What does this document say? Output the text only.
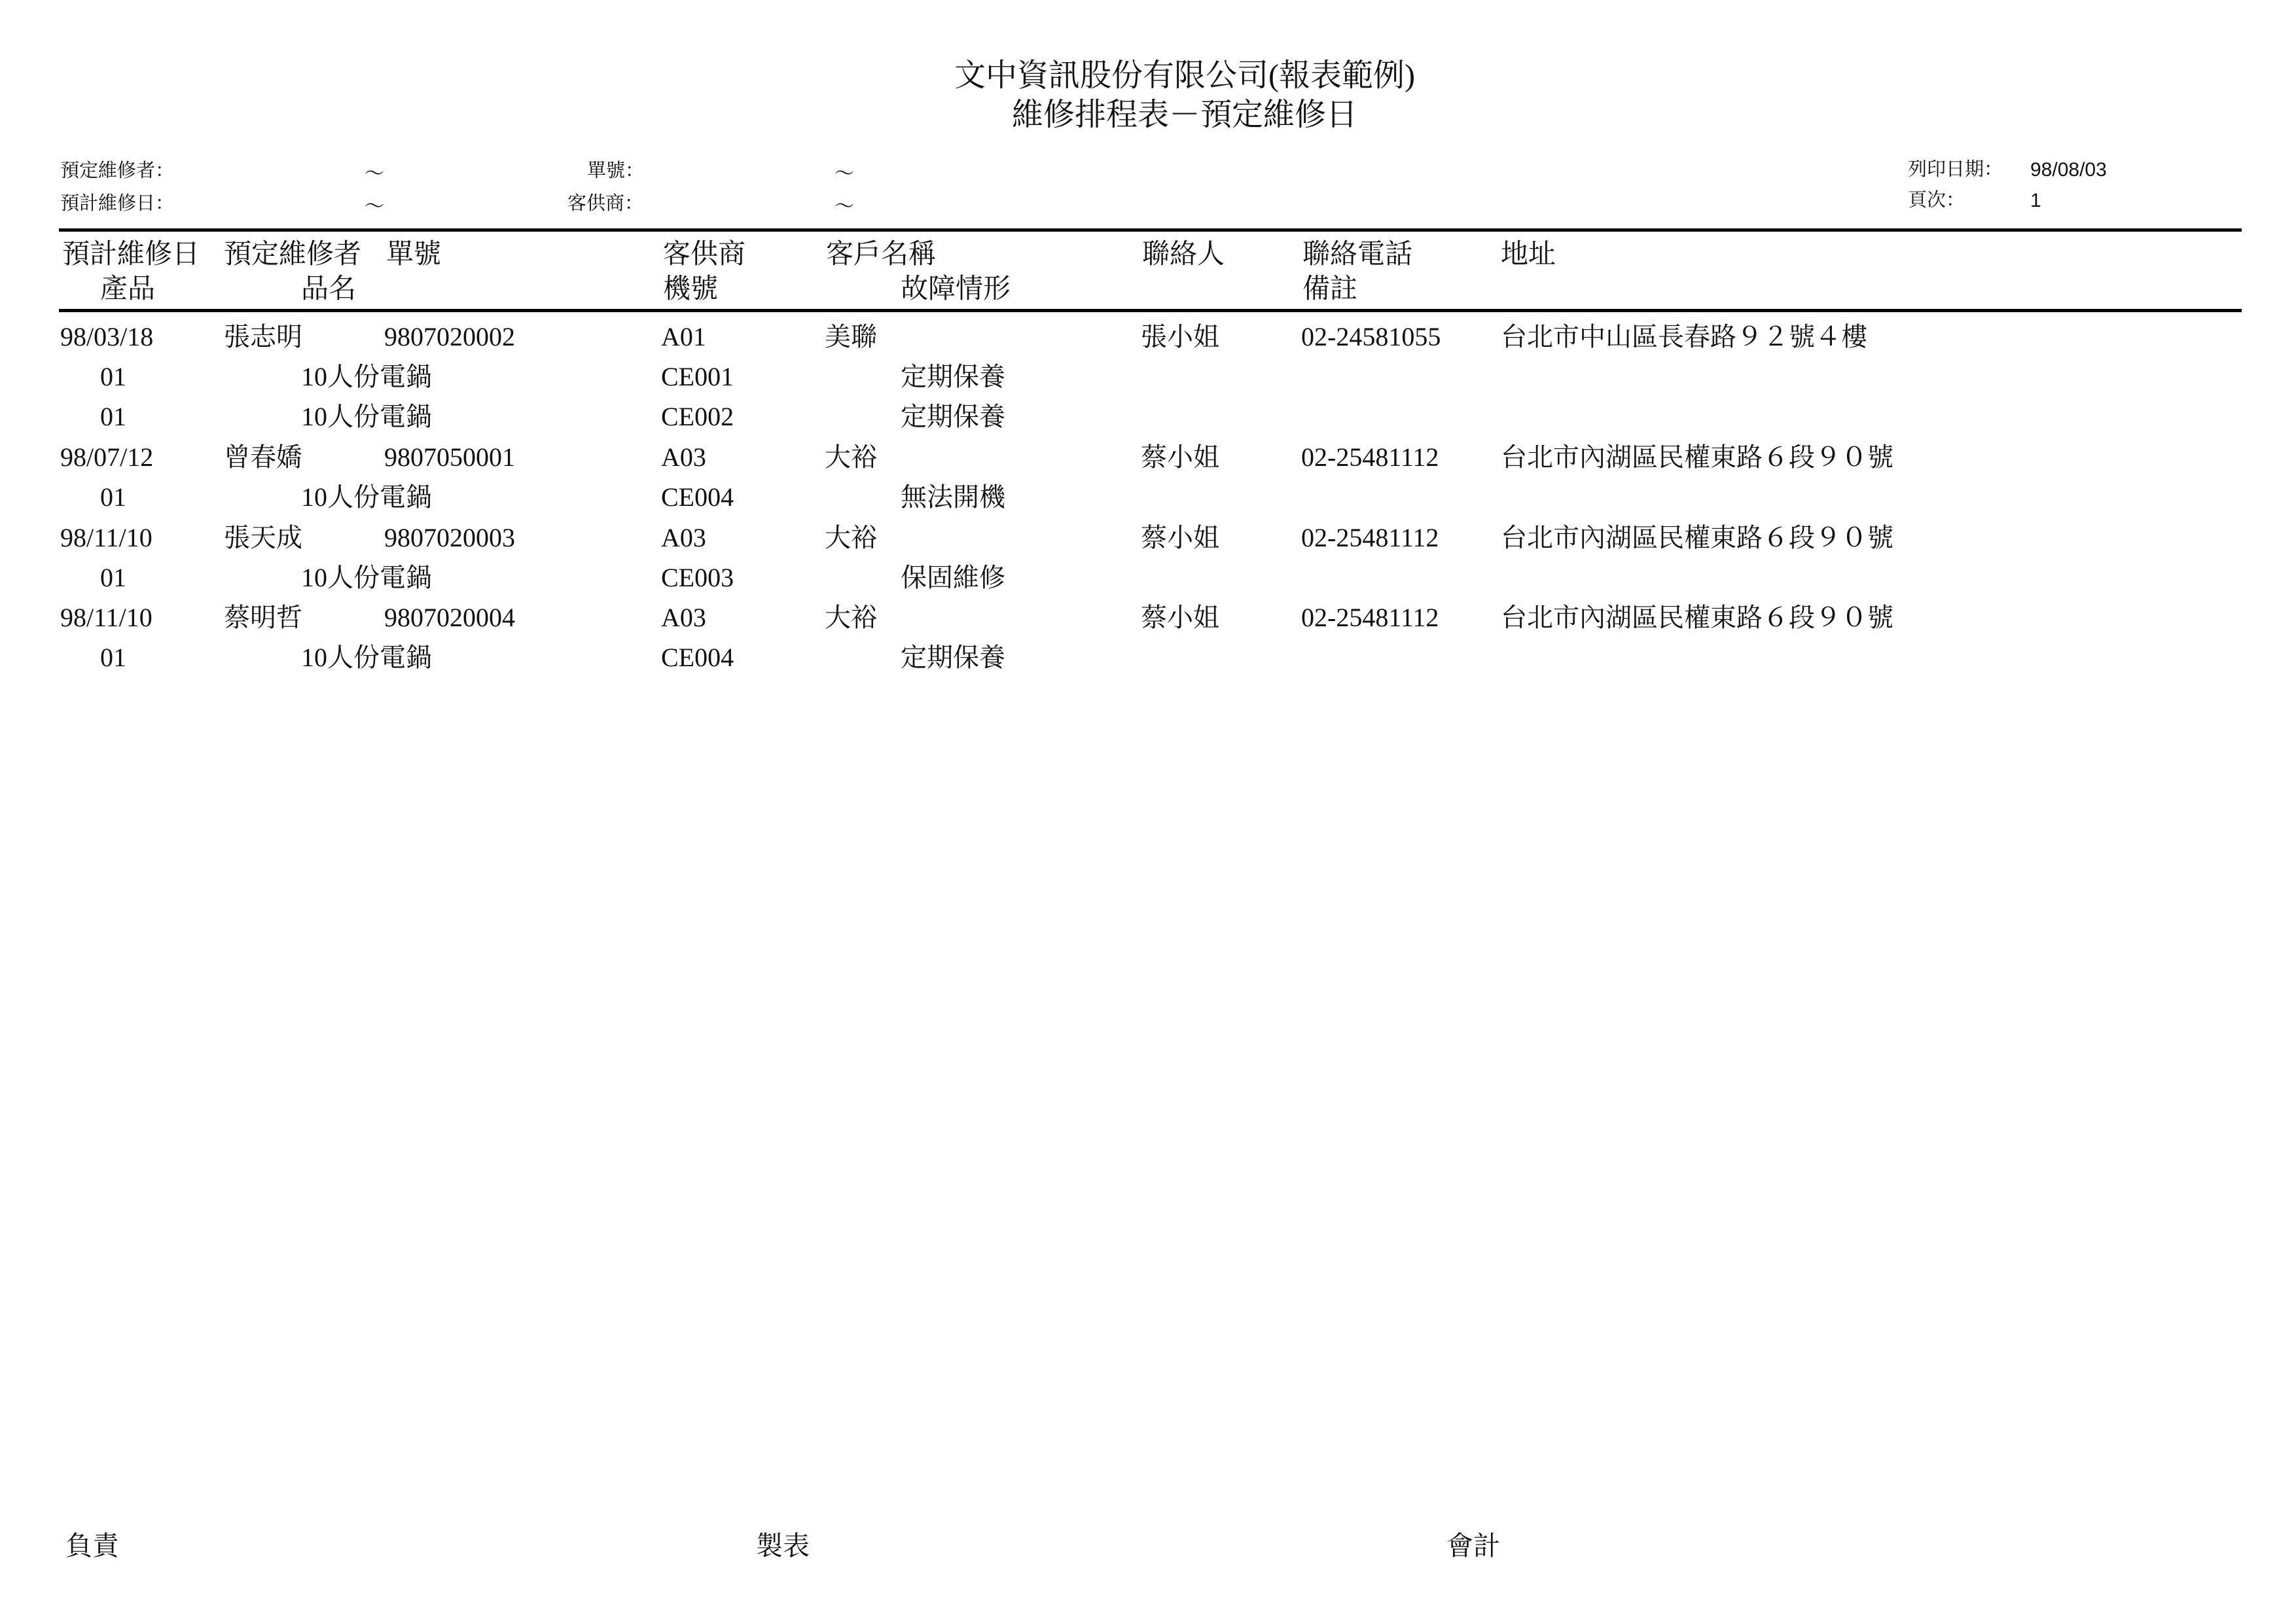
文中資訊股份有限公司(報表範例)
維修排程表－預定維修日
預定維修者：	～
預計維修日：	～
單號：	～
客供商：	～
列印日期： 98/08/03
頁次：	1
預計維修日 預定維修者 單號	客供商	客戶名稱	聯絡人	聯絡電話	地址
產品	品名	機號	故障情形	備註
98/03/18	張志明	9807020002	A01	美聯	張小姐	02-24581055 台北市中山區長春路９２號４樓
01	10人份電鍋	CE001	定期保養
01	10人份電鍋	CE002	定期保養
98/07/12	曾春嬌	9807050001	A03	大裕	蔡小姐	02-25481112 台北市內湖區民權東路６段９０號
01	10人份電鍋	CE004	無法開機
98/11/10	張天成	9807020003	A03	大裕	蔡小姐	02-25481112 台北市內湖區民權東路６段９０號
01	10人份電鍋	CE003	保固維修
98/11/10	蔡明哲	9807020004	A03	大裕	蔡小姐	02-25481112 台北市內湖區民權東路６段９０號
01	10人份電鍋	CE004	定期保養
負責	製表	會計
